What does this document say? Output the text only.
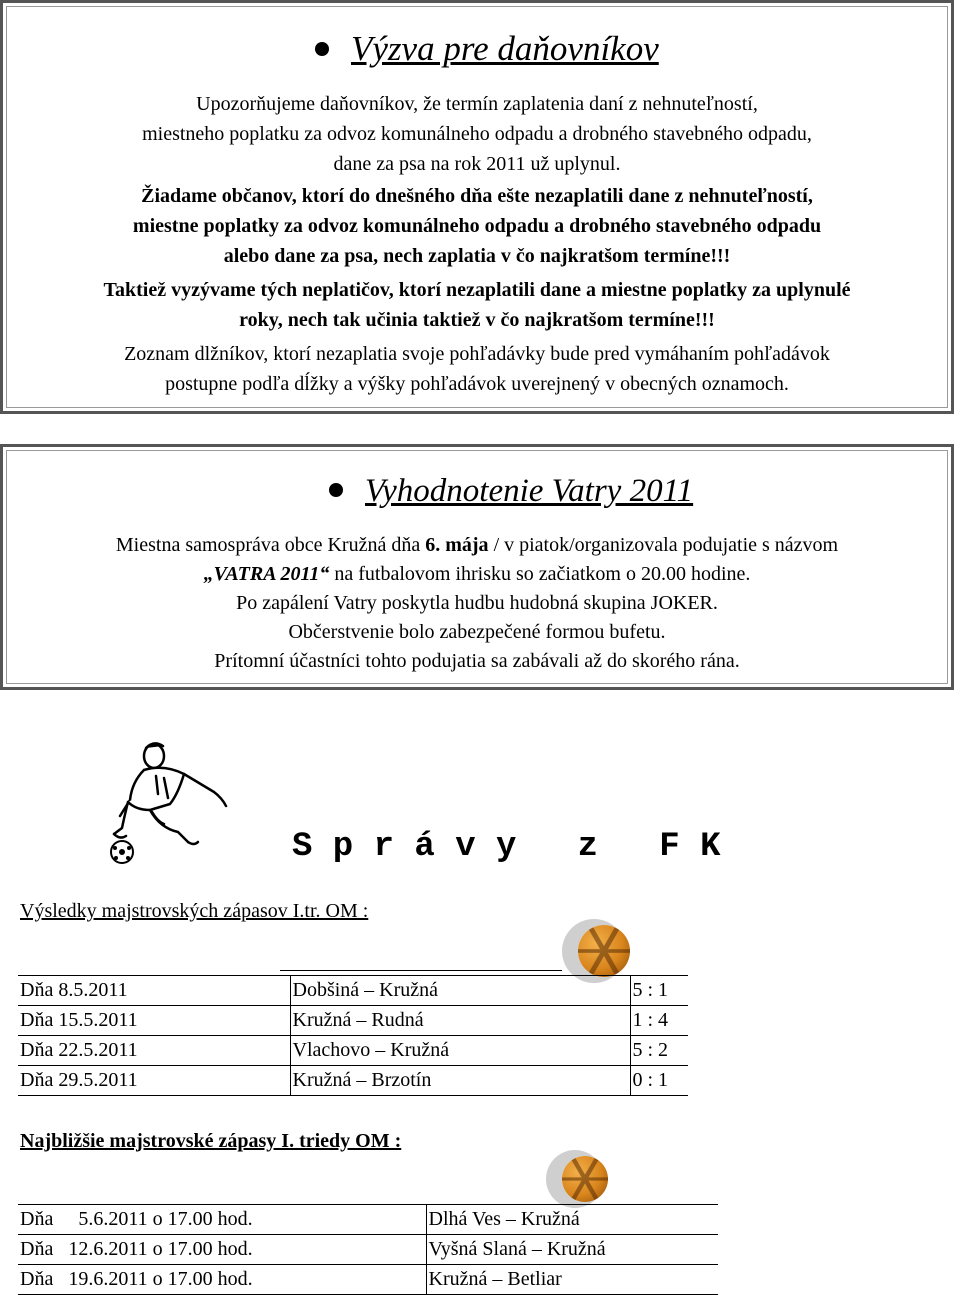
Výzva pre daňovníkov
Upozorňujeme daňovníkov, že termín zaplatenia daní z nehnuteľností,
miestneho poplatku za odvoz komunálneho odpadu a drobného stavebného odpadu,
dane za psa na rok 2011 už uplynul.
Žiadame občanov, ktorí do dnešného dňa ešte nezaplatili dane z nehnuteľností,
miestne poplatky za odvoz komunálneho odpadu a drobného stavebného odpadu
alebo dane za psa, nech zaplatia v čo najkratšom termíne!!!
Taktiež vyzývame tých neplatičov, ktorí nezaplatili dane a miestne poplatky za uplynulé
roky, nech tak učinia taktiež v čo najkratšom termíne!!!
Zoznam dlžníkov, ktorí nezaplatia svoje pohľadávky bude pred vymáhaním pohľadávok
postupne podľa dĺžky a výšky pohľadávok uverejnený v obecných oznamoch.
Vyhodnotenie Vatry 2011
Miestna samospráva obce Kružná dňa 6. mája / v piatok/organizovala podujatie s názvom
„VATRA 2011“ na futbalovom ihrisku so začiatkom o 20.00 hodine.
Po zapálení Vatry poskytla hudbu hudobná skupina JOKER.
Občerstvenie bolo zabezpečené formou bufetu.
Prítomní účastníci tohto podujatia sa zabávali až do skorého rána.
S p r á v y   z   F K
Výsledky majstrovských zápasov I.tr. OM :
Dňa 8.5.2011	Dobšiná – Kružná	5 : 1
Dňa 15.5.2011	Kružná – Rudná	1 : 4
Dňa 22.5.2011	Vlachovo – Kružná	5 : 2
Dňa 29.5.2011	Kružná – Brzotín	0 : 1
Najbližšie majstrovské zápasy I. triedy OM :
Dňa     5.6.2011 o 17.00 hod.	Dlhá Ves – Kružná
Dňa   12.6.2011 o 17.00 hod.	Vyšná Slaná – Kružná
Dňa   19.6.2011 o 17.00 hod.	Kružná – Betliar
